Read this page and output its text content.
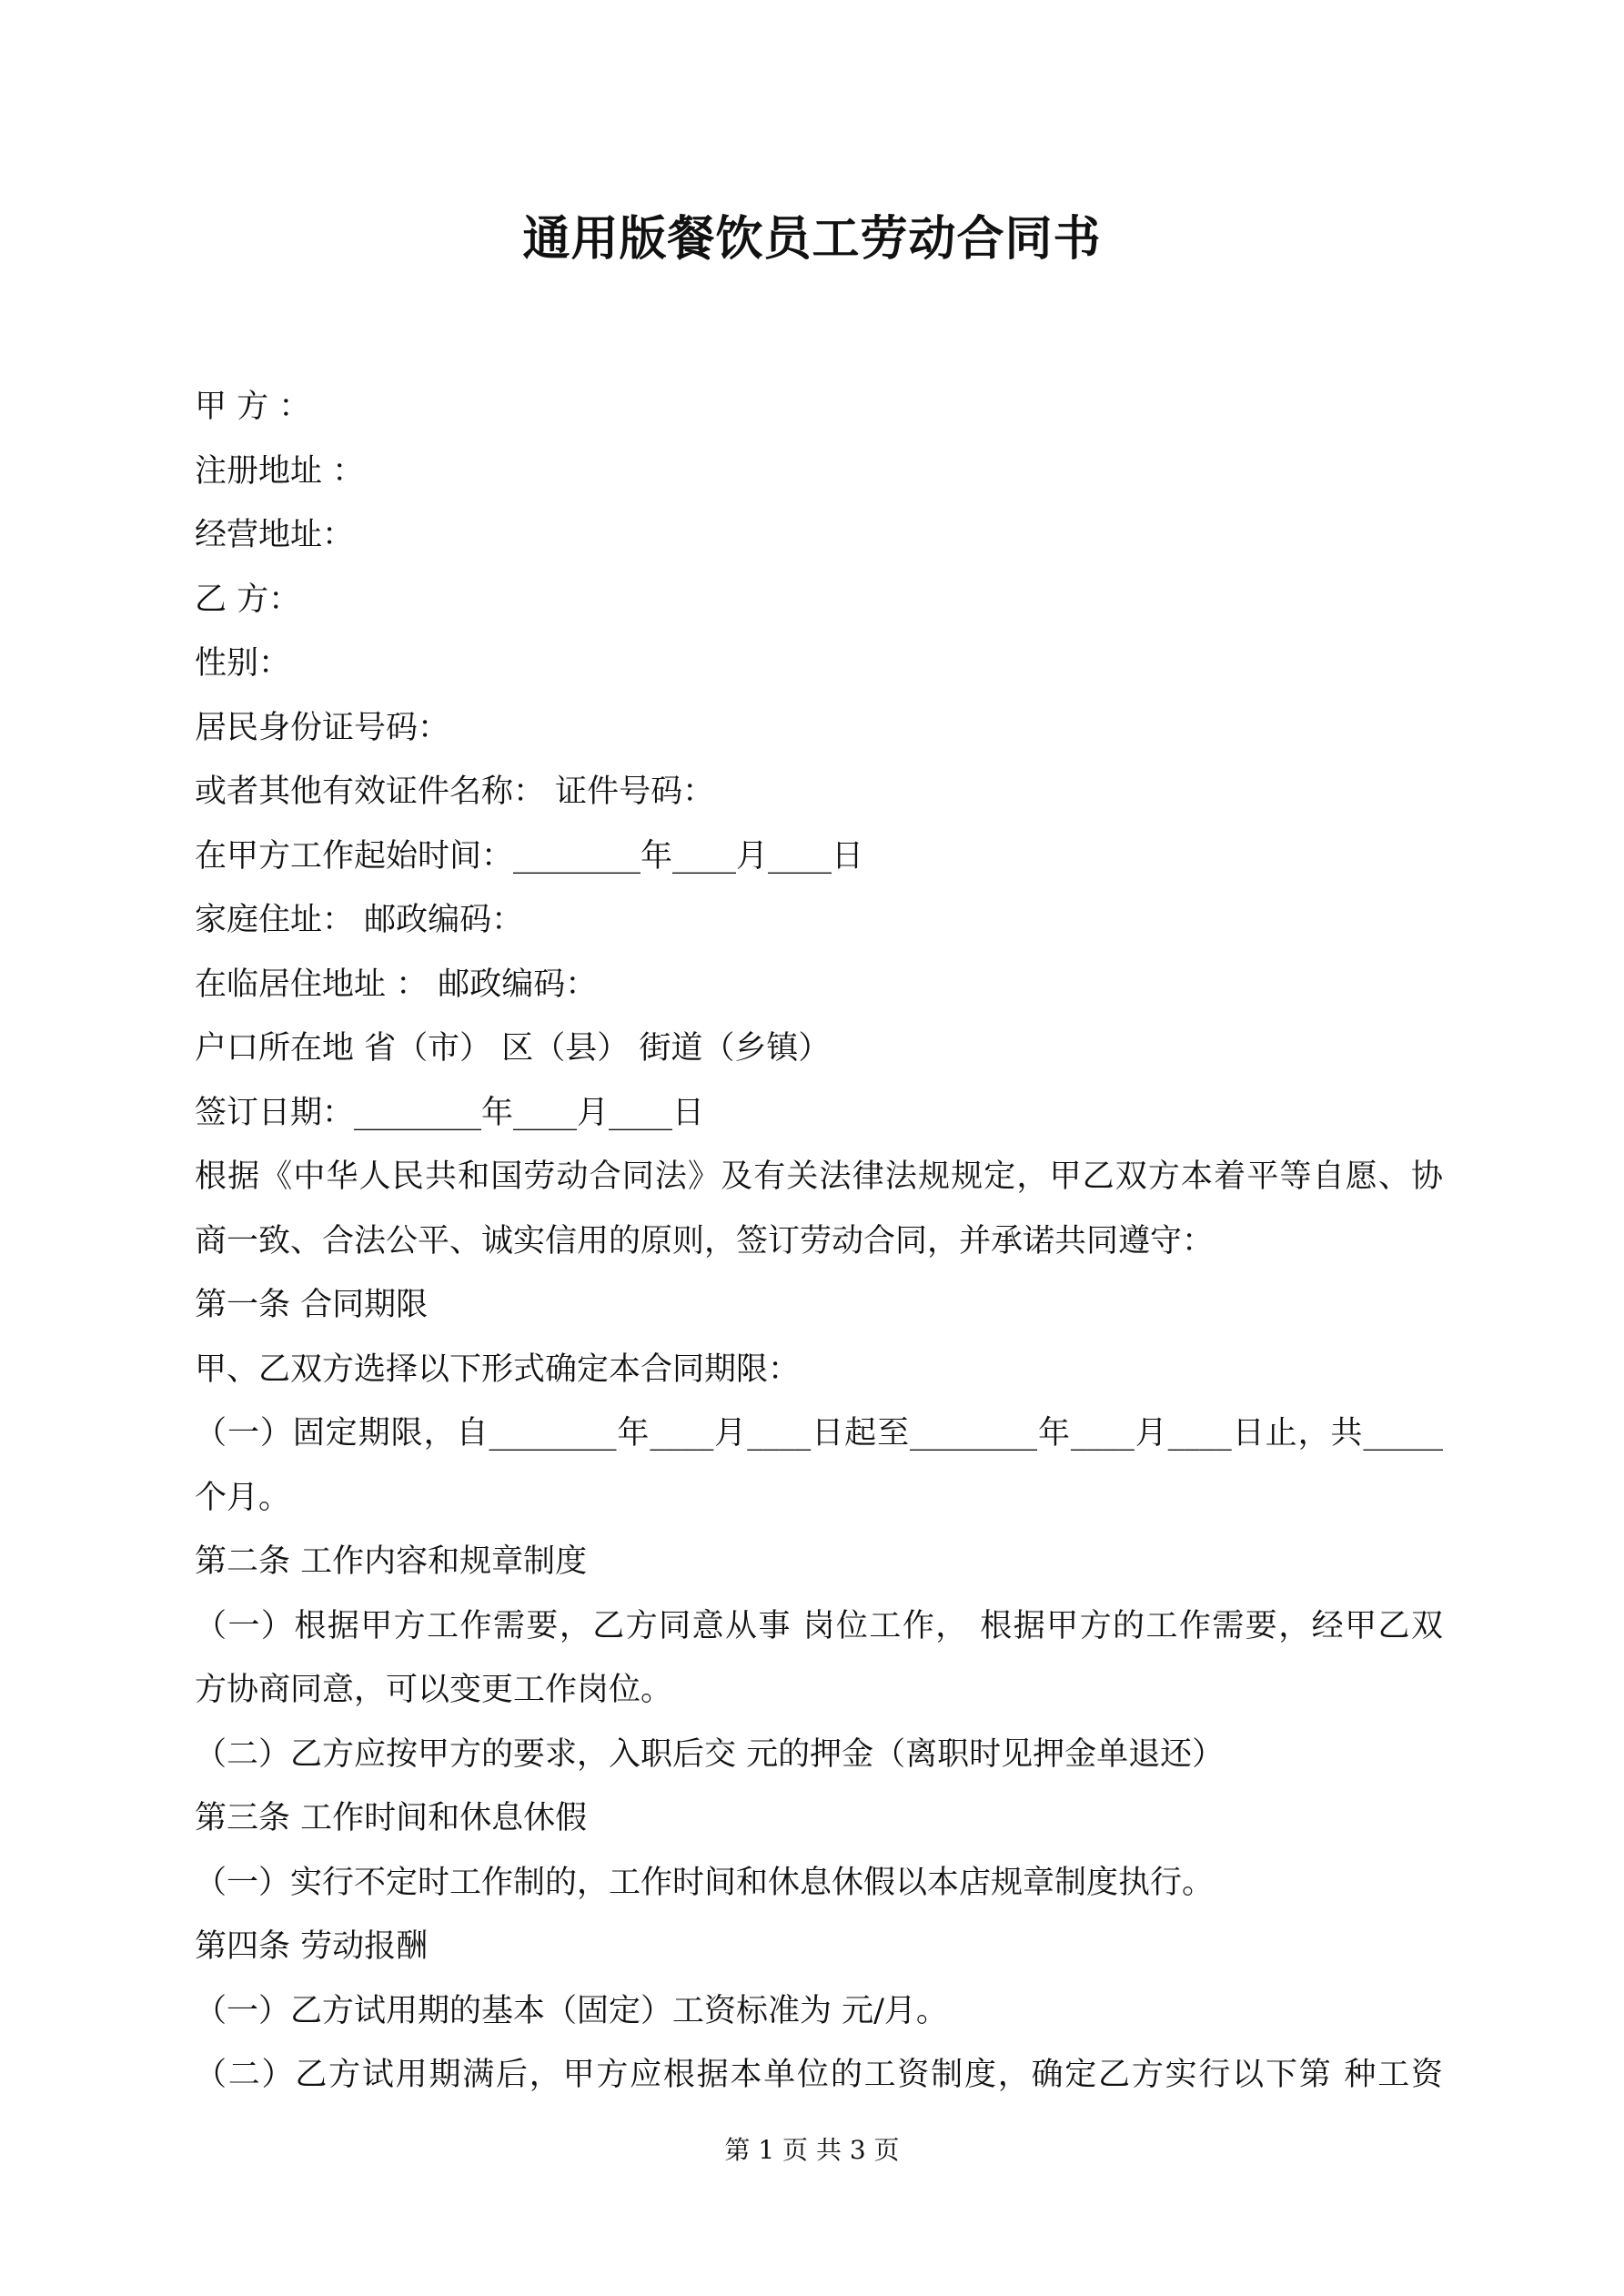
通用版餐饮员工劳动合同书
甲 方 ：
注册地址 ：
经营地址：
乙 方：
性别：
居民身份证号码：
或者其他有效证件名称： 证件号码：
在甲方工作起始时间：________年____月____日
家庭住址： 邮政编码：
在临居住地址 ： 邮政编码：
户口所在地 省（市） 区（县） 街道（乡镇）
签订日期：________年____月____日
根据《中华人民共和国劳动合同法》及有关法律法规规定，甲乙双方本着平等自愿、协
商一致、合法公平、诚实信用的原则，签订劳动合同，并承诺共同遵守：
第一条 合同期限
甲、乙双方选择以下形式确定本合同期限：
（一）固定期限，自________年____月____日起至________年____月____日止，共_____
个月。
第二条 工作内容和规章制度
（一）根据甲方工作需要，乙方同意从事 岗位工作， 根据甲方的工作需要，经甲乙双
方协商同意，可以变更工作岗位。
（二）乙方应按甲方的要求，入职后交 元的押金（离职时见押金单退还）
第三条 工作时间和休息休假
（一）实行不定时工作制的，工作时间和休息休假以本店规章制度执行。
第四条 劳动报酬
（一）乙方试用期的基本（固定）工资标准为 元/月。
（二）乙方试用期满后，甲方应根据本单位的工资制度，确定乙方实行以下第 种工资
第 1 页 共 3 页
